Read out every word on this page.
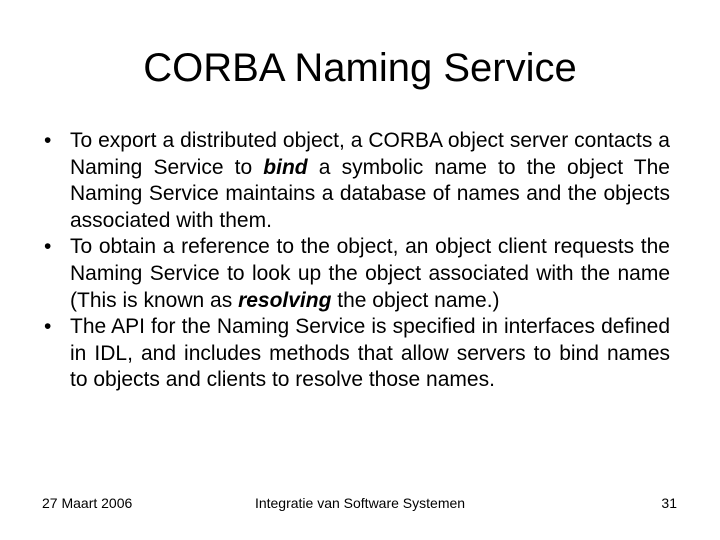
CORBA Naming Service
• To export a distributed object, a CORBA object server contacts a Naming Service to bind a symbolic name to the object The Naming Service maintains a database of names and the objects associated with them.
• To obtain a reference to the object, an object client requests the Naming Service to look up the object associated with the name (This is known as resolving the object name.)
• The API for the Naming Service is specified in interfaces defined in IDL, and includes methods that allow servers to bind names to objects and clients to resolve those names.
27 Maart 2006	Integratie van Software Systemen	31
